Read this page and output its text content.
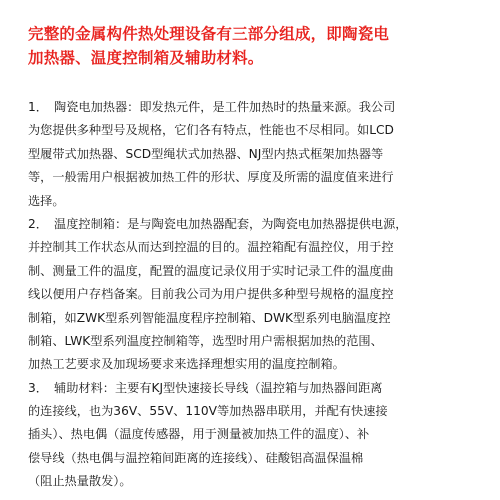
完整的金属构件热处理设备有三部分组成，即陶瓷电
加热器、温度控制箱及辅助材料。
1．　陶瓷电加热器：即发热元件，是工件加热时的热量来源。我公司
为您提供多种型号及规格，它们各有特点，性能也不尽相同。如LCD
型履带式加热器、SCD型绳状式加热器、NJ型内热式框架加热器等
等，一般需用户根据被加热工件的形状、厚度及所需的温度值来进行
选择。
2．　温度控制箱：是与陶瓷电加热器配套，为陶瓷电加热器提供电源，
并控制其工作状态从而达到控温的目的。温控箱配有温控仪，用于控
制、测量工件的温度，配置的温度记录仪用于实时记录工件的温度曲
线以便用户存档备案。目前我公司为用户提供多种型号规格的温度控
制箱，如ZWK型系列智能温度程序控制箱、DWK型系列电脑温度控
制箱、LWK型系列温度控制箱等，选型时用户需根据加热的范围、
加热工艺要求及加现场要求来选择理想实用的温度控制箱。
3．　辅助材料：主要有KJ型快速接长导线（温控箱与加热器间距离
的连接线，也为36V、55V、110V等加热器串联用，并配有快速接
插头）、热电偶（温度传感器，用于测量被加热工件的温度）、补
偿导线（热电偶与温控箱间距离的连接线）、硅酸铝高温保温棉
（阻止热量散发）。
